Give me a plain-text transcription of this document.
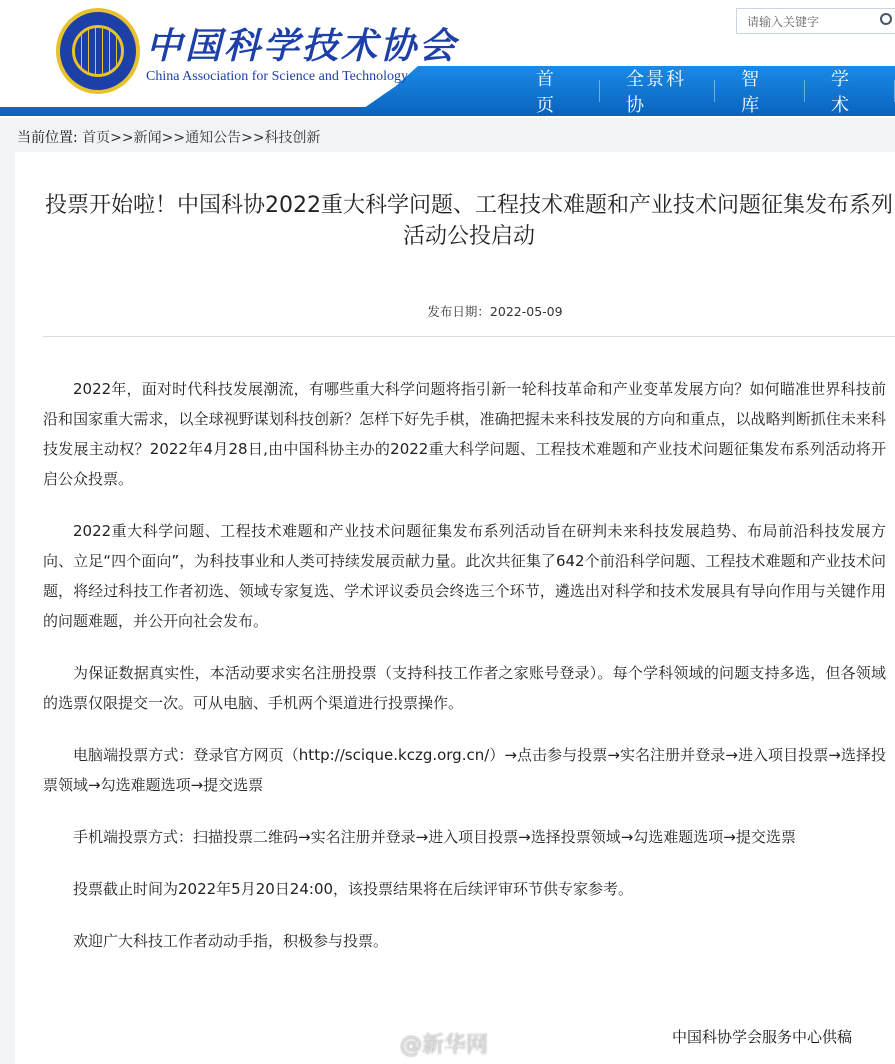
中国科学技术协会
China Association for Science and Technology
请输入关键字
首 页
全景科协
智 库
学 术
当前位置: 首页>>新闻>>通知公告>>科技创新
投票开始啦！中国科协2022重大科学问题、工程技术难题和产业技术问题征集发布系列活动公投启动
发布日期：2022-05-09

2022年，面对时代科技发展潮流，有哪些重大科学问题将指引新一轮科技革命和产业变革发展方向？如何瞄准世界科技前沿和国家重大需求，以全球视野谋划科技创新？怎样下好先手棋，准确把握未来科技发展的方向和重点，以战略判断抓住未来科技发展主动权？2022年4月28日,由中国科协主办的2022重大科学问题、工程技术难题和产业技术问题征集发布系列活动将开启公众投票。

2022重大科学问题、工程技术难题和产业技术问题征集发布系列活动旨在研判未来科技发展趋势、布局前沿科技发展方向、立足“四个面向”，为科技事业和人类可持续发展贡献力量。此次共征集了642个前沿科学问题、工程技术难题和产业技术问题，将经过科技工作者初选、领域专家复选、学术评议委员会终选三个环节，遴选出对科学和技术发展具有导向作用与关键作用的问题难题，并公开向社会发布。

为保证数据真实性，本活动要求实名注册投票（支持科技工作者之家账号登录）。每个学科领域的问题支持多选，但各领域的选票仅限提交一次。可从电脑、手机两个渠道进行投票操作。

电脑端投票方式：登录官方网页（http://scique.kczg.org.cn/）→点击参与投票→实名注册并登录→进入项目投票→选择投票领域→勾选难题选项→提交选票

手机端投票方式：扫描投票二维码→实名注册并登录→进入项目投票→选择投票领域→勾选难题选项→提交选票

投票截止时间为2022年5月20日24:00，该投票结果将在后续评审环节供专家参考。

欢迎广大科技工作者动动手指，积极参与投票。

中国科协学会服务中心供稿
@新华网
